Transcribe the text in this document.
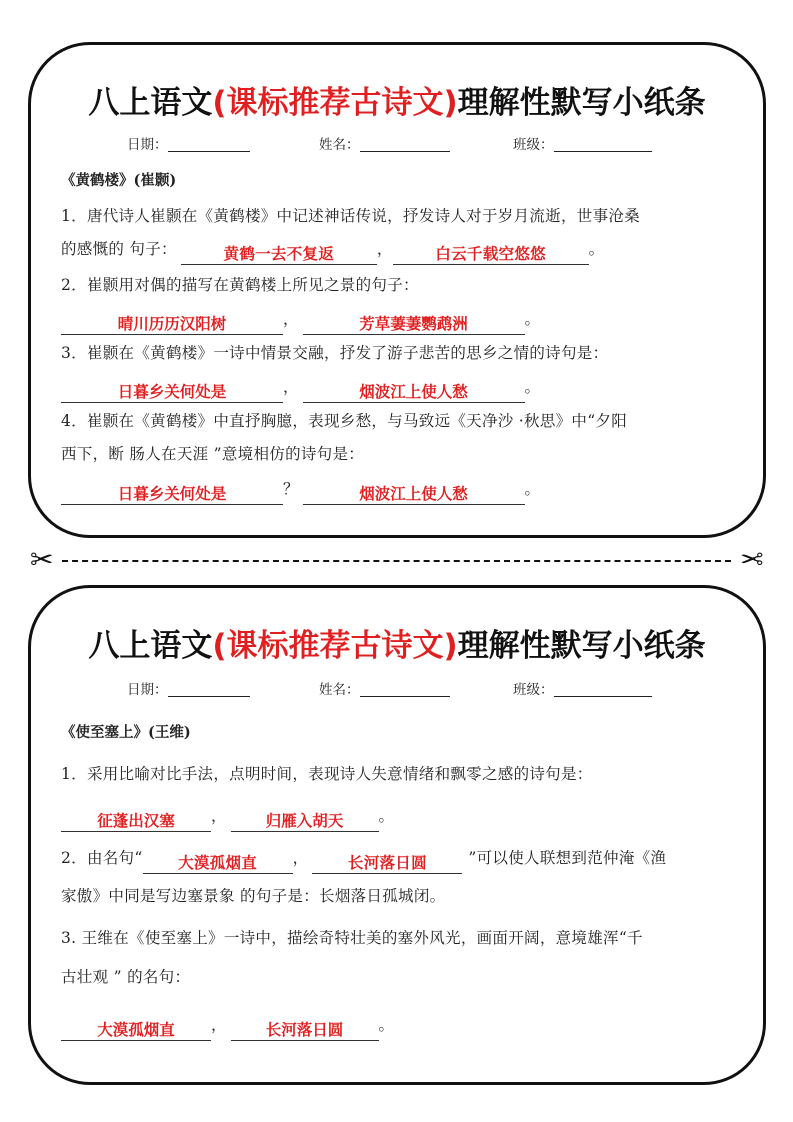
八上语文(课标推荐古诗文)理解性默写小纸条
日期：	姓名：	班级：
《黄鹤楼》(崔颢)
1．唐代诗人崔颢在《黄鹤楼》中记述神话传说，抒发诗人对于岁月流逝，世事沧桑
的感慨的 句子：	黄鹤一去不复返	，	白云千载空悠悠	。
2．崔颢用对偶的描写在黄鹤楼上所见之景的句子：
晴川历历汉阳树	，	芳草萋萋鹦鹉洲	。
3．崔颢在《黄鹤楼》一诗中情景交融，抒发了游子悲苦的思乡之情的诗句是：
日暮乡关何处是	，	烟波江上使人愁	。
4．崔颢在《黄鹤楼》中直抒胸臆，表现乡愁，与马致远《天净沙 ·秋思》中“夕阳
西下，断 肠人在天涯 ”意境相仿的诗句是：
日暮乡关何处是	？	烟波江上使人愁	。
✂	✂
八上语文(课标推荐古诗文)理解性默写小纸条
日期：	姓名：	班级：
《使至塞上》(王维)
1．采用比喻对比手法，点明时间，表现诗人失意情绪和飘零之感的诗句是：
征蓬出汉塞 ，	归雁入胡天 。
2．由名句“ 大漠孤烟直 ，	长河落日圆	”可以使人联想到范仲淹《渔
家傲》中同是写边塞景象 的句子是：长烟落日孤城闭。
3. 王维在《使至塞上》一诗中，描绘奇特壮美的塞外风光，画面开阔，意境雄浑“千
古壮观 ” 的名句：
大漠孤烟直 ，	长河落日圆 。
